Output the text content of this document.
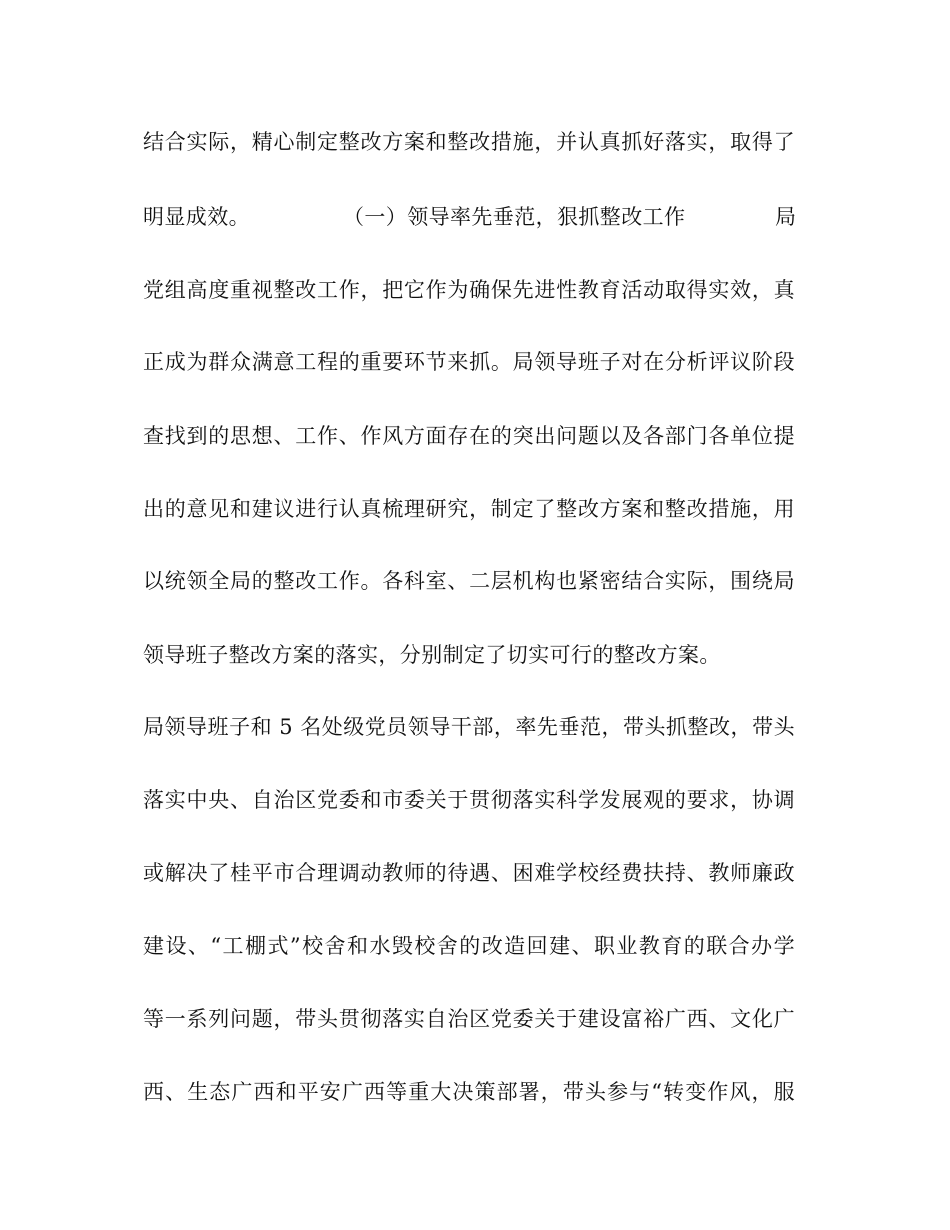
结合实际，精心制定整改方案和整改措施，并认真抓好落实，取得了
明显成效。	（一）领导率先垂范，狠抓整改工作	局
党组高度重视整改工作，把它作为确保先进性教育活动取得实效，真
正成为群众满意工程的重要环节来抓。局领导班子对在分析评议阶段
查找到的思想、工作、作风方面存在的突出问题以及各部门各单位提
出的意见和建议进行认真梳理研究，制定了整改方案和整改措施，用
以统领全局的整改工作。各科室、二层机构也紧密结合实际，围绕局
领导班子整改方案的落实，分别制定了切实可行的整改方案。
局领导班子和 5 名处级党员领导干部，率先垂范，带头抓整改，带头
落实中央、自治区党委和市委关于贯彻落实科学发展观的要求，协调
或解决了桂平市合理调动教师的待遇、困难学校经费扶持、教师廉政
建设、“工棚式”校舍和水毁校舍的改造回建、职业教育的联合办学
等一系列问题，带头贯彻落实自治区党委关于建设富裕广西、文化广
西、生态广西和平安广西等重大决策部署，带头参与“转变作风，服
